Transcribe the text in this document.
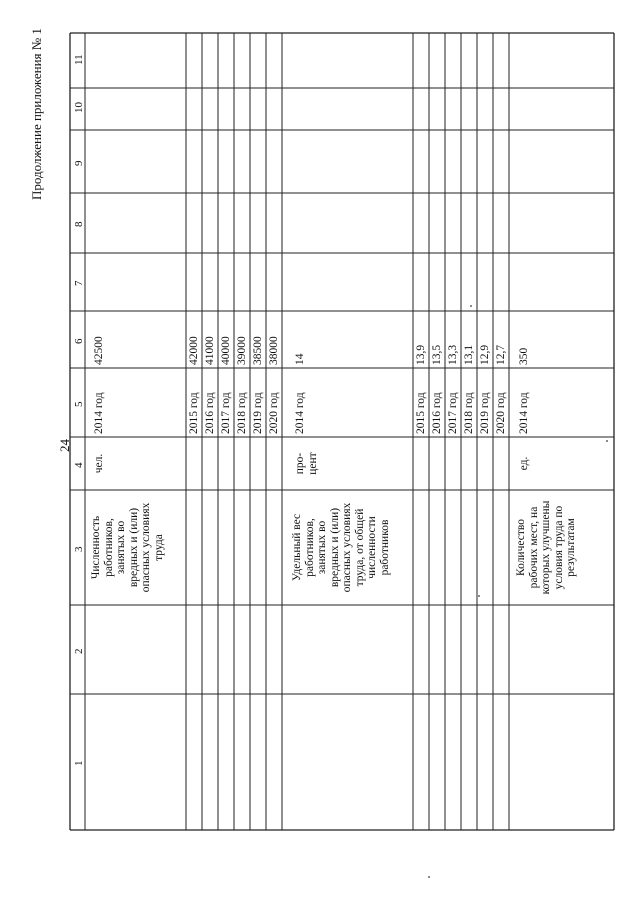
24
Продолжение приложения № 1
1
2
3
4
5
6
7
8
9
10
11
Численность работников, занятых во вредных и (или) опасных условиях труда
чел.
2014 год
42500
2015 год
42000
2016 год
41000
2017 год
40000
2018 год
39000
2019 год
38500
2020 год
38000
Удельный вес работников, занятых во вредных и (или) опасных условиях труда, от общей численности работников
про- цент
2014 год
14
2015 год
13,9
2016 год
13,5
2017 год
13,3
2018 год
13,1
2019 год
12,9
2020 год
12,7
Количество рабочих мест, на которых улучшены условия труда по результатам
ед.
2014 год
350
